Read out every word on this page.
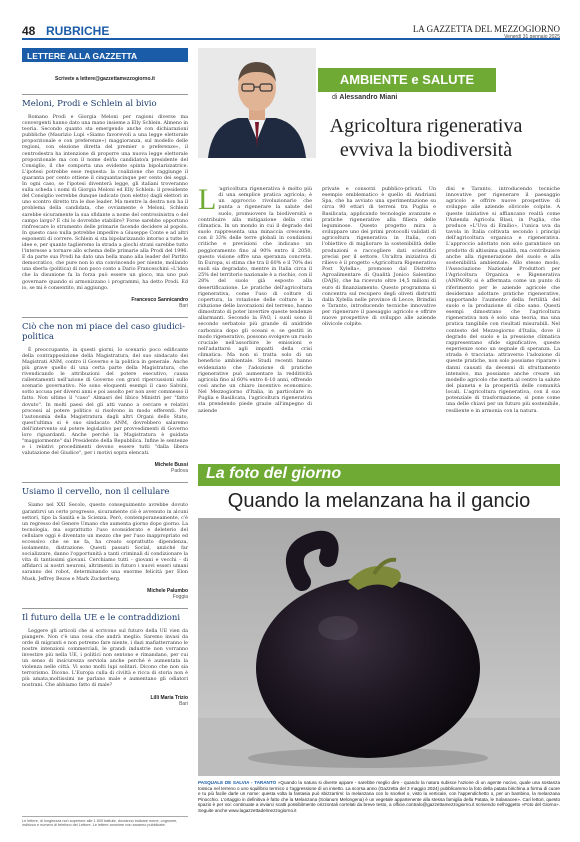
48 RUBRICHE	LA GAZZETTA DEL MEZZOGIORNO
Venerdì 31 gennaio 2025
LETTERE ALLA GAZZETTA
Scrivete a lettere@gazzettamezzogiorno.it
Meloni, Prodi e Schlein al bivio

Romano Prodi e Giorgia Meloni per ragioni diverse ma convergenti hanno dato una mano insieme a Elly Schlein. Almeno in teoria. Secondo quanto sta emergendo anche con dichiarazioni pubbliche (Maurizio Lupi «Siamo favorevoli a una legge elettorale proporzionale e con preferenze») maggioranza, sul modello delle regioni, con elezione diretta del premier o preferenze», il centrodestra ha intenzione di proporre una nuova legge elettorale proporzionale ma con il nome del/la candidato/a presidente del Consiglio, il che comporta una evidente spinta bipolarizzatrice. L'ipotesi potrebbe esse requesta: la coalizione che raggiunge il quaranta per cento ottiene il cinquantacinque per cento dei seggi. In ogni caso, se l'ipotesi diventerà legge, gli italiani troveranno sulla scheda i nomi di Giorgia Meloni ed Elly Schlein: il presidente del Consiglio verrebbe dunque indicato (non eletto) dagli elettori in uno scontro diretto tra le due leader. Ma mentre la destra non ha il problema della candidata, che ovviamente è Meloni, Schlein sarebbe sicuramente la sua sfidante a nome del centrosinistra o del campo largo? E chi lo dovrebbe stabilire? Forse sarebbe opportuno rinfrescare lo strumento delle primarie facendo decidere al popolo. In questo caso nulla potrebbe impedire a Giuseppe Conte e ad altri esponenti di correre. Schlein si sta bipolarizzando intorno a tutte le idee e, per quanto taglieremo la strada a giochi strani sarebbe tutto l'interesse a tornare allo schema delle primarie alla Prodi del 1996. E da parte sua Prodi ha dato una bella mano alla leader del Partito democratico, che pure non lo sta convincendo per niente, mollando una sberla (politica) di non poco conto a Dario Franceschini «L'idea che la disunione fa la forza può essere un gioco, ma uno può governare quando si armonizzano i programmi, ha detto Prodi. Ed io, se mi è consentito, mi aggiungo.

Francesco Sannicandro
Bari
Ciò che non mi piace del caso giudici-politica

È preoccupante, in questi giorni, lo scenario poco edificante della contrapposizione della Magistratura, del suo sindacato dei Magistrati ANM, contro il Governo e la politica in generale. Anche più grave quello di una certa parte della Magistratura, che rivendicando le attribuzioni del potere esecutivo, causa rallentamenti nell'azione di Governo con gravi ripercussioni sullo scenario governativo. Ne sono eloquenti esempi il caso Salvini, sotto accusa per diversi anni e poi assolto per non aver commesso il fatto. Non ultimo il "caso" Almasri del libico Ministri per "fatto dovuto". In molti paesi del gli atti vanno a cercare e relativi processi al potere politico si risolvono in modo efferenti. Per l'autonomia della Magistratura dagli altri Organi dello Stato, quest'ultima si è suo sindacato ANM, dovrebbero salaremo dell'intervento sul potere legislativo per provvedimenti di Governo loro riguardanti. Anche perché la Magistratura è guidata "maggiormente" dal Presidente della Repubblica. Infine le sentenze e i relativi procedimenti devono essere tutti "dalla libera valutazione del Giudice", per i motivi sopra elencati.

Michele Bussi
Padova
Usiamo il cervello, non il cellulare

Siamo nel XXI Secolo, questo conseguimento avrebbe dovuto garantirvi un certo progresso, sicuramente ciò è avvenuto in alcuni settori, tipo la Sanità e la Scienza. Però, contemporaneamente, c'è un regresso del Genere Umano che aumenta giorno dopo giorno. La tecnologia, ma soprattutto l'uso sconsiderato e deleterio del cellulare oggi è diventato un mezzo che per l'uso inappropriato ed eccessivo che se ne fa, ha creato soprattutto dipendenza, isolamento, distrazione. Questi passati Social, anziché far socializzare, danno l'opportunità a tanti criminali di condizionare la vita di tantissimi giovani. Cerchiamo tutti - giovani e vecchi - di affidarci ai nostri neuroni, altrimenti in futuro i nuovi esseri umani saranno dei robot, determinando una enorme felicità per Elon Musk, Jeffrey Bezos e Mark Zuckerberg.

Michele Palumbo
Foggia
Il futuro della UE e le contraddizioni

Leggere gli articoli che si scrivono sul futuro della UE vien da piangere. Non c'è una cosa che andrà meglio. Saremo invasi da orde di migranti e non potremo fare niente, i dazi mafiatterranno le nostre intenzioni commerciali, le grandi industrie non vorranno investire più nella UE, i politici non sentono e rimandano, per cui un senso di insicurezza serviola anche perché è aumentata la violenza nelle città. Vi sono molti lupi solitari. Dicono che non sia terrorismo. Dicono. L'Europa culla di civiltà e ricca di storia non è più amata,moltissimi ne parlano male e aumentano gli odiatori nostrani. Che abbiamo fatto di male?

Lilli Maria Trizio
Bari
Le lettere, di lunghezza non superiore alle 1.500 battute, dovranno indicare nome, cognome, indirizzo e numero di telefono del Lettore. Le lettere anonime non saranno pubblicate.
AMBIENTE e SALUTE
di Alessandro Miani
Agricoltura rigenerativa
evviva la biodiversità
L 'agricoltura rigenerativa è molto più di una semplice pratica agricola; è un approccio rivoluzionario che punta a rigenerare la salute del suolo, promuovere la biodiversità e contribuire alla mitigazione della crisi climatica. In un mondo in cui il degrado del suolo rappresenta una minaccia crescente, con il 33% delle terre globali in condizioni critiche e previsioni che indicano un peggioramento fino al 90% entro il 2050, questo visione offre una speranza concreta. In Europa, si stima che tra il 60% e il 70% dei suoli sia degradato, mentre in Italia circa il 25% del territorio nazionale è a rischio, con il 28% del suolo già esposto alla desertificazione. Le pratiche dell'agricoltura rigenerativa, come l'uso di colture di copertura, la rotazione delle colture e la riduzione delle lavorazioni del terreno, hanno dimostrato di poter invertire queste tendenze allarmanti. Secondo la FAO, i suoli sono il secondo serbatoio più grande di anidride carbonica dopo gli oceani e, se gestiti in modo rigenerativo, possono svolgere un ruolo cruciale nell'assorbire le emissioni e nell'adattarsi agli impatti della crisi climatica. Ma non si tratta solo di un beneficio ambientale. Studi recenti hanno evidenziato che l'adozione di pratiche rigenerative può aumentare la redditività agricola fino al 60% entro 6-10 anni, offrendo così anche un chiaro incentivo economico. Nel Mezzogiorno d'Italia, in particolare in Puglia e Basilicata, l'agricoltura rigenerativa sta prendendo piede grazie all'impegno di aziende
private e consorzi pubblico-privati. Un esempio emblematico è quello di Andriani Spa, che ha avviato una sperimentazione su circa 90 ettari di terreni tra Puglia e Basilicata, applicando tecnologie avanzate e pratiche rigenerative alla filiera delle leguminose. Questo progetto mira a sviluppare uno dei primi protocolli validati di agricoltura rigenerativa in Italia, con l'obiettivo di migliorare la sostenibilità delle produzioni e raccogliere dati scientifici precisi per il settore. Un'altra iniziativa di rilievo è il progetto «Agricoltura Rigenerativa Post Xylella», promosso dal Distretto Agroalimentare di Qualità Jonico Salentino (DAJS), che ha ricevuto oltre 14,5 milioni di euro di finanziamento. Questo programma si concentra sul recupero degli oliveti distrutti dalla Xylella nelle province di Lecce, Brindisi e Taranto, introducendo tecniche innovative per rigenerare il paesaggio agricolo e offrire nuove prospettive di sviluppo alle aziende olivicole colpite.
disi e Taranto, introducendo tecniche innovative per rigenerare il paesaggio agricolo e offrire nuove prospettive di sviluppo alle aziende olivicole colpite. A queste iniziative si affiancano realtà come l'Azienda Agricola Blasi, in Puglia, che produce «L'Uva di Emilio», l'unica uva da tavola in Italia coltivata secondo i principi dell'agricoltura organica e rigenerativa. L'approccio adottato non solo garantisce un prodotto di altissima qualità, ma contribuisce anche alla rigenerazione del suolo e alla sostenibilità ambientale. Allo stesso modo, l'Associazione Nazionale Produttori per l'Agricoltura Organica e Rigenerativa (ANPAOR) si è affermata come un punto di riferimento per le aziende agricole che desiderano adottare pratiche rigenerative, supportando l'aumento della fertilità del suolo e la produzione di cibo sano. Questi esempi dimostrano che l'agricoltura rigenerativa non è solo una teoria, ma una pratica tangibile con risultati misurabili. Nel contesto del Mezzogiorno d'Italia, dove il degrado del suolo e la pressione climatica rappresentano sfide significative, queste esperienze sono un segnale di speranza. La strada è tracciata: attraverso l'adozione di queste pratiche, non solo possiamo riparare i danni causati da decenni di sfruttamento intensivo, ma possiamo anche creare un modello agricolo che metta al centro la salute del pianeta e la prosperità delle comunità locali. L'agricoltura rigenerativa, con il suo potenziale di trasformazione, si pone come una delle chiavi per un futuro più sostenibile, resiliente e in armonia con la natura.
La foto del giorno
Quando la melanzana ha il gancio
PASQUALE DE SALVIA - TARANTO «Quando la natura si diverte appare - sarebbe meglio dire - quando la natura subisce l'azione di un agente nocivo, quale una sostanza tossica nel terreno o uno squilibrio termico o l'aggressione di un insetto. La scorsa anno (Gazzetta del 3 maggio 2024) pubblicammo la foto della patata birichina a forma di cuore e tu più facile darle un nome: questa volta la fantasia può sbizzarrirsi: la melanzana con lo snorkel o, visto la verticale, con l'appendichetto o, per un bambino, la melanzana Pinocchio. L'ortaggio in definitiva è fatto che la Melanzana (Solanum Melongena) è un vegetale appartenente alla stessa famiglia della Patata, le Solanacee». Cari lettori, questo spazio è per voi: continuate a inviarci scatti possibilmente orizzontali correlati da breve testo, a officie.contralo@gazzettamezzogiorno.it scrivendo nell'oggetto «Foto del Giorno». Seguite anche www.lagazzettadelmezzogiorno.it
